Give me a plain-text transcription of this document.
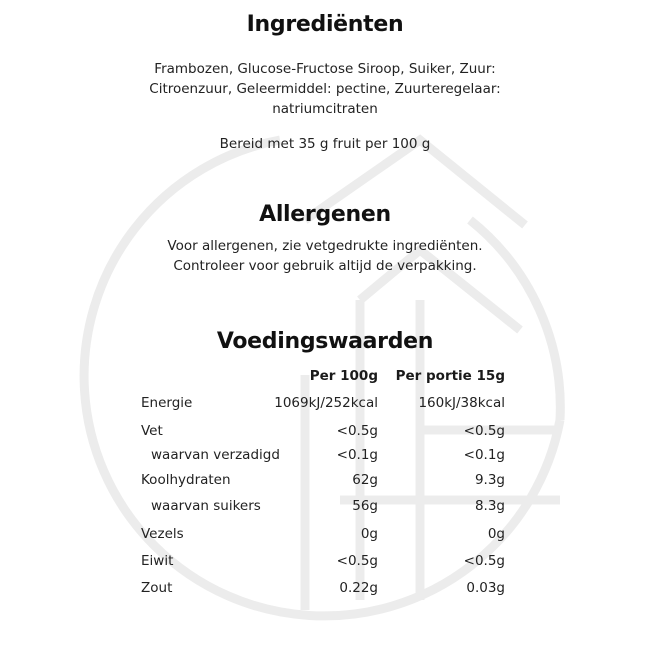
Ingrediënten
Frambozen, Glucose-Fructose Siroop, Suiker, Zuur:
Citroenzuur, Geleermiddel: pectine, Zuurteregelaar:
natriumcitraten
Bereid met 35 g fruit per 100 g
Allergenen
Voor allergenen, zie vetgedrukte ingrediënten.
Controleer voor gebruik altijd de verpakking.
Voedingswaarden
Per 100g Per portie 15g
Energie	1069kJ/252kcal	160kJ/38kcal
Vet	<0.5g	<0.5g
waarvan verzadigd	<0.1g	<0.1g
Koolhydraten	62g	9.3g
waarvan suikers	56g	8.3g
Vezels	0g	0g
Eiwit	<0.5g	<0.5g
Zout	0.22g	0.03g
